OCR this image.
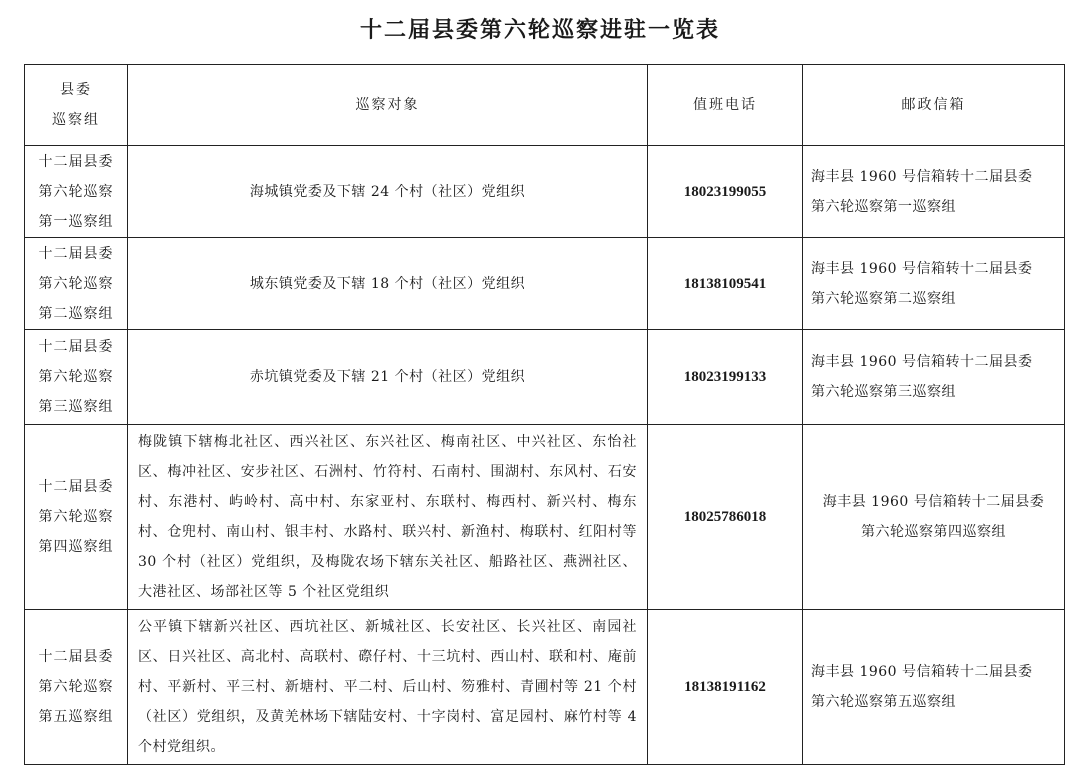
十二届县委第六轮巡察进驻一览表
县委
巡察组	巡察对象	值班电话	邮政信箱

十二届县委
第六轮巡察
第一巡察组	海城镇党委及下辖 24 个村（社区）党组织	18023199055	海丰县 1960 号信箱转十二届县委
第六轮巡察第一巡察组

十二届县委
第六轮巡察
第二巡察组	城东镇党委及下辖 18 个村（社区）党组织	18138109541	海丰县 1960 号信箱转十二届县委
第六轮巡察第二巡察组

十二届县委
第六轮巡察
第三巡察组	赤坑镇党委及下辖 21 个村（社区）党组织	18023199133	海丰县 1960 号信箱转十二届县委
第六轮巡察第三巡察组

十二届县委
第六轮巡察
第四巡察组	梅陇镇下辖梅北社区、西兴社区、东兴社区、梅南社区、中兴社区、东怡社区、梅冲社区、安步社区、石洲村、竹符村、石南村、围湖村、东风村、石安村、东港村、屿岭村、高中村、东家亚村、东联村、梅西村、新兴村、梅东村、仓兜村、南山村、银丰村、水路村、联兴村、新渔村、梅联村、红阳村等 30 个村（社区）党组织，及梅陇农场下辖东关社区、船路社区、燕洲社区、大港社区、场部社区等 5 个社区党组织	18025786018	海丰县 1960 号信箱转十二届县委
第六轮巡察第四巡察组

十二届县委
第六轮巡察
第五巡察组	公平镇下辖新兴社区、西坑社区、新城社区、长安社区、长兴社区、南园社区、日兴社区、高北村、高联村、磜仔村、十三坑村、西山村、联和村、庵前村、平新村、平三村、新塘村、平二村、后山村、笏雅村、青圃村等 21 个村（社区）党组织，及黄羌林场下辖陆安村、十字岗村、富足园村、麻竹村等 4 个村党组织。	18138191162	海丰县 1960 号信箱转十二届县委
第六轮巡察第五巡察组
